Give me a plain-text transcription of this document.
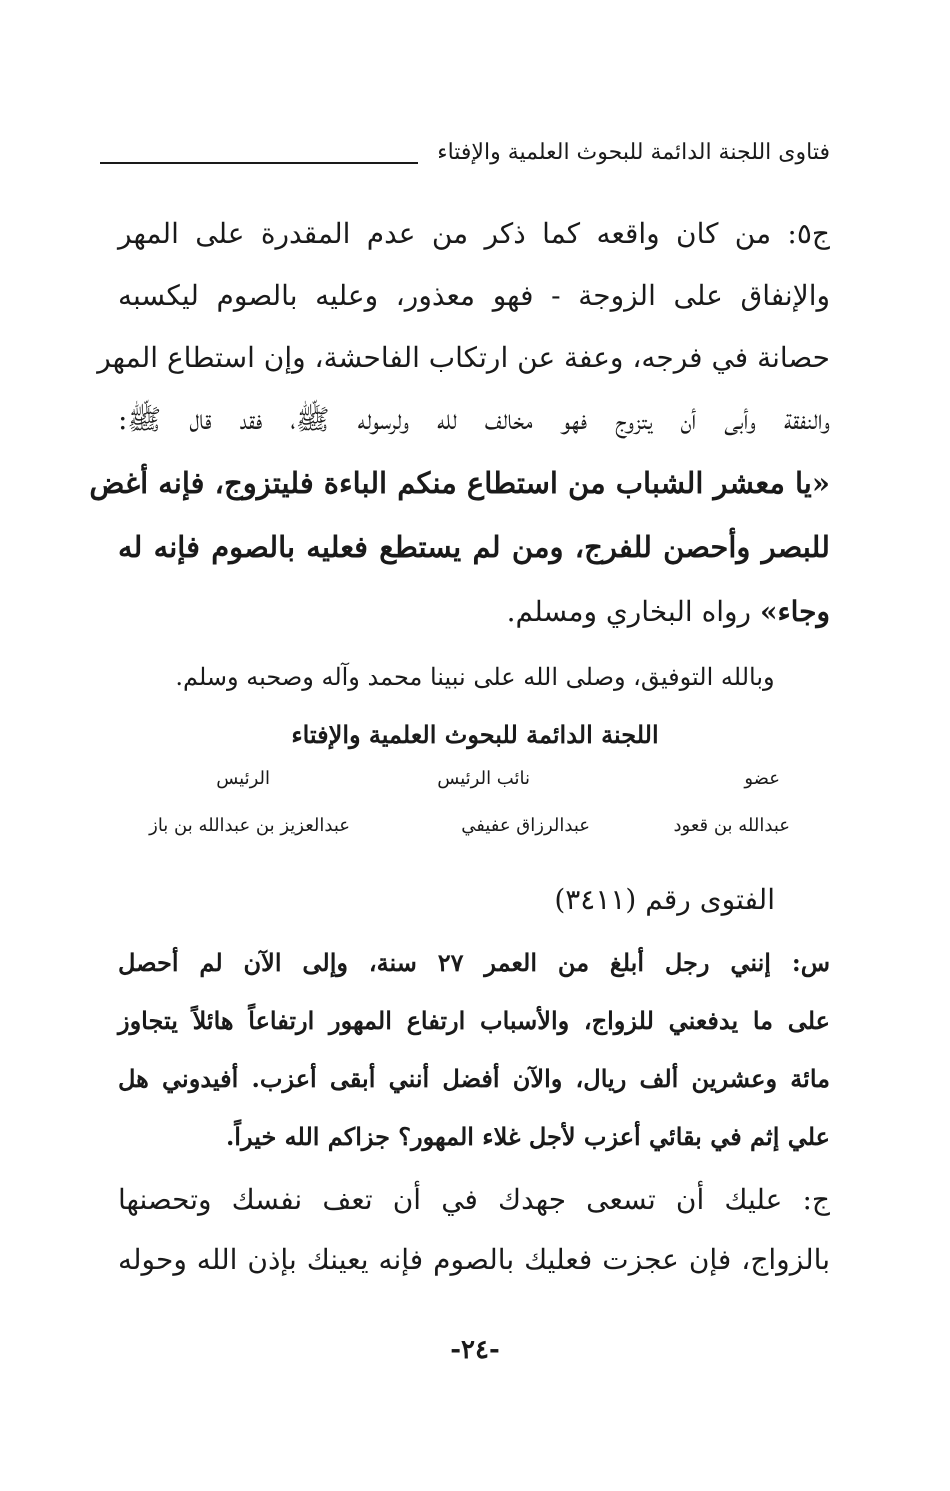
فتاوى اللجنة الدائمة للبحوث العلمية والإفتاء
ج٥: من كان واقعه كما ذكر من عدم المقدرة على المهر
والإنفاق على الزوجة - فهو معذور، وعليه بالصوم ليكسبه
حصانة في فرجه، وعفة عن ارتكاب الفاحشة، وإن استطاع المهر
والنفقة وأبى أن يتزوج فهو مخالف لله ولرسوله ﷺ، فقد قال ﷺ:
«يا معشر الشباب من استطاع منكم الباءة فليتزوج، فإنه أغض
للبصر وأحصن للفرج، ومن لم يستطع فعليه بالصوم فإنه له
وجاء» رواه البخاري ومسلم.
وبالله التوفيق، وصلى الله على نبينا محمد وآله وصحبه وسلم.
اللجنة الدائمة للبحوث العلمية والإفتاء
عضو
نائب الرئيس
الرئيس
عبدالله بن قعود
عبدالرزاق عفيفي
عبدالعزيز بن عبدالله بن باز
الفتوى رقم (٣٤١١)
س: إنني رجل أبلغ من العمر ٢٧ سنة، وإلى الآن لم أحصل
على ما يدفعني للزواج، والأسباب ارتفاع المهور ارتفاعاً هائلاً يتجاوز
مائة وعشرين ألف ريال، والآن أفضل أنني أبقى أعزب. أفيدوني هل
علي إثم في بقائي أعزب لأجل غلاء المهور؟ جزاكم الله خيراً.
ج: عليك أن تسعى جهدك في أن تعف نفسك وتحصنها
بالزواج، فإن عجزت فعليك بالصوم فإنه يعينك بإذن الله وحوله
-٢٤-
